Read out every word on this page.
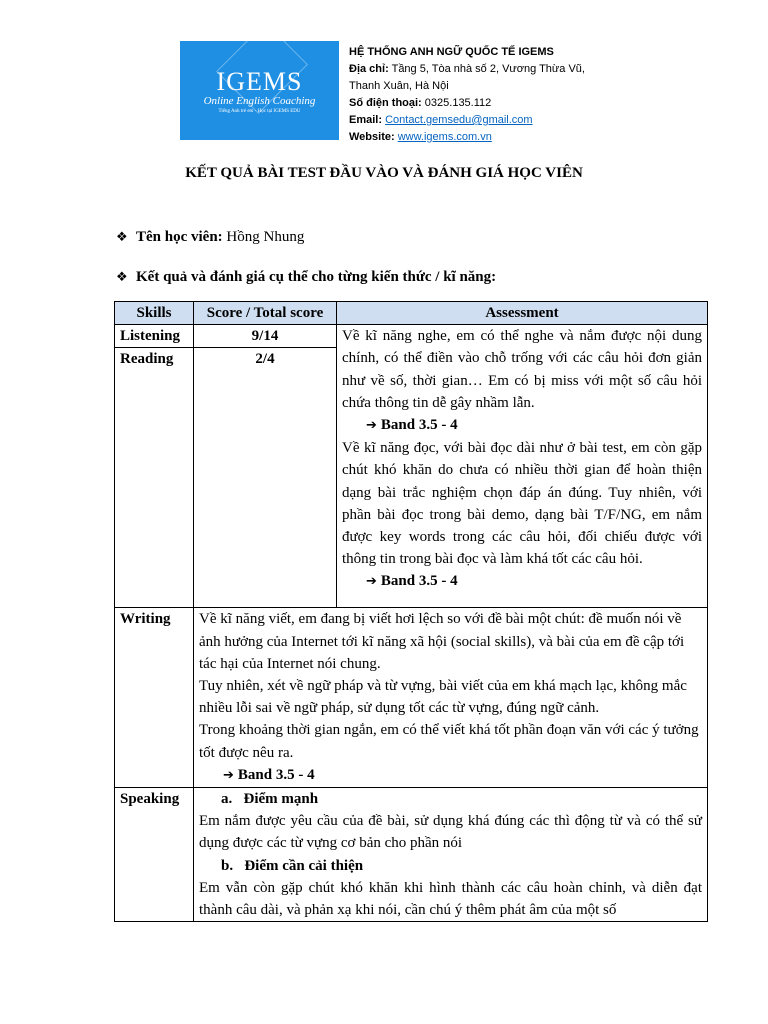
IGEMS
Online English Coaching
Tiếng Anh trẻ em - Học tại IGEMS EDU
HỆ THỐNG ANH NGỮ QUỐC TẾ IGEMS
Địa chỉ: Tầng 5, Tòa nhà số 2, Vương Thừa Vũ,
Thanh Xuân, Hà Nội
Số điện thoại: 0325.135.112
Email: Contact.gemsedu@gmail.com
Website: www.igems.com.vn
KẾT QUẢ BÀI TEST ĐẦU VÀO VÀ ĐÁNH GIÁ HỌC VIÊN
❖ Tên học viên: Hồng Nhung
❖ Kết quả và đánh giá cụ thể cho từng kiến thức / kĩ năng:
Skills	Score / Total score	Assessment
Listening	9/14	Về kĩ năng nghe, em có thể nghe và nắm được nội dung chính, có thể điền vào chỗ trống với các câu hỏi đơn giản như về số, thời gian… Em có bị miss với một số câu hỏi chứa thông tin dễ gây nhầm lẫn.
➔ Band 3.5 - 4
Về kĩ năng đọc, với bài đọc dài như ở bài test, em còn gặp chút khó khăn do chưa có nhiều thời gian để hoàn thiện dạng bài trắc nghiệm chọn đáp án đúng. Tuy nhiên, với phần bài đọc trong bài demo, dạng bài T/F/NG, em nắm được key words trong các câu hỏi, đối chiếu được với thông tin trong bài đọc và làm khá tốt các câu hỏi.
➔ Band 3.5 - 4

Reading	2/4	
Writing	Về kĩ năng viết, em đang bị viết hơi lệch so với đề bài một chút: đề muốn nói về ảnh hưởng của Internet tới kĩ năng xã hội (social skills), và bài của em đề cập tới tác hại của Internet nói chung.
Tuy nhiên, xét về ngữ pháp và từ vựng, bài viết của em khá mạch lạc, không mắc nhiều lỗi sai về ngữ pháp, sử dụng tốt các từ vựng, đúng ngữ cảnh.
Trong khoảng thời gian ngắn, em có thể viết khá tốt phần đoạn văn với các ý tưởng tốt được nêu ra.
➔ Band 3.5 - 4	

Speaking	a. Điểm mạnh
Em nắm được yêu cầu của đề bài, sử dụng khá đúng các thì động từ và có thể sử dụng được các từ vựng cơ bản cho phần nói
b. Điểm cần cải thiện
Em vẫn còn gặp chút khó khăn khi hình thành các câu hoàn chỉnh, và diễn đạt thành câu dài, và phản xạ khi nói, cần chú ý thêm phát âm của một số	
